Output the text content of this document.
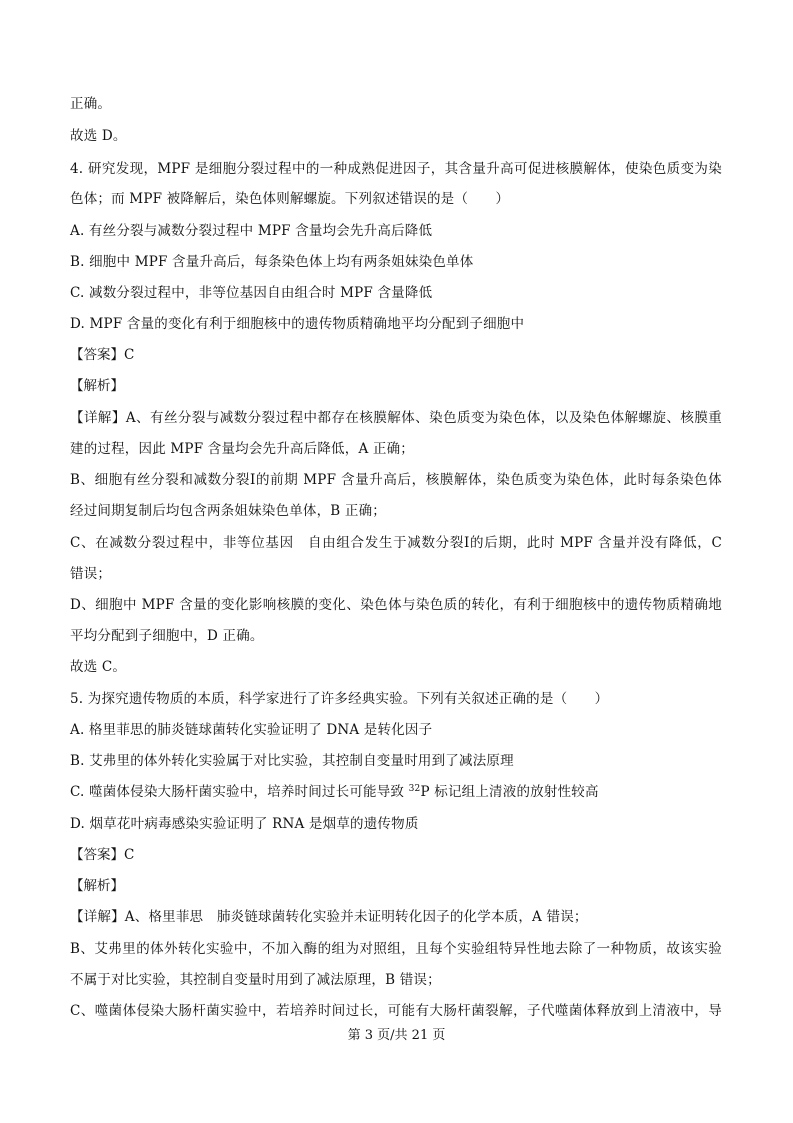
正确。
故选 D。
4. 研究发现，MPF 是细胞分裂过程中的一种成熟促进因子，其含量升高可促进核膜解体，使染色质变为染
色体；而 MPF 被降解后，染色体则解螺旋。下列叙述错误的是（　　）
A. 有丝分裂与减数分裂过程中 MPF 含量均会先升高后降低
B. 细胞中 MPF 含量升高后，每条染色体上均有两条姐妹染色单体
C. 减数分裂过程中，非等位基因自由组合时 MPF 含量降低
D. MPF 含量的变化有利于细胞核中的遗传物质精确地平均分配到子细胞中
【答案】C
【解析】
【详解】A、有丝分裂与减数分裂过程中都存在核膜解体、染色质变为染色体，以及染色体解螺旋、核膜重
建的过程，因此 MPF 含量均会先升高后降低，A 正确；
B、细胞有丝分裂和减数分裂Ⅰ的前期 MPF 含量升高后，核膜解体，染色质变为染色体，此时每条染色体
经过间期复制后均包含两条姐妹染色单体，B 正确；
C、在减数分裂过程中，非等位基因　自由组合发生于减数分裂Ⅰ的后期，此时 MPF 含量并没有降低，C
错误；
D、细胞中 MPF 含量的变化影响核膜的变化、染色体与染色质的转化，有利于细胞核中的遗传物质精确地
平均分配到子细胞中，D 正确。
故选 C。
5. 为探究遗传物质的本质，科学家进行了许多经典实验。下列有关叙述正确的是（　　）
A. 格里菲思的肺炎链球菌转化实验证明了 DNA 是转化因子
B. 艾弗里的体外转化实验属于对比实验，其控制自变量时用到了减法原理
C. 噬菌体侵染大肠杆菌实验中，培养时间过长可能导致 $^{32}$P 标记组上清液的放射性较高
D. 烟草花叶病毒感染实验证明了 RNA 是烟草的遗传物质
【答案】C
【解析】
【详解】A、格里菲思　肺炎链球菌转化实验并未证明转化因子的化学本质，A 错误；
B、艾弗里的体外转化实验中，不加入酶的组为对照组，且每个实验组特异性地去除了一种物质，故该实验
不属于对比实验，其控制自变量时用到了减法原理，B 错误；
C、噬菌体侵染大肠杆菌实验中，若培养时间过长，可能有大肠杆菌裂解，子代噬菌体释放到上清液中，导
第 3 页/共 21 页
